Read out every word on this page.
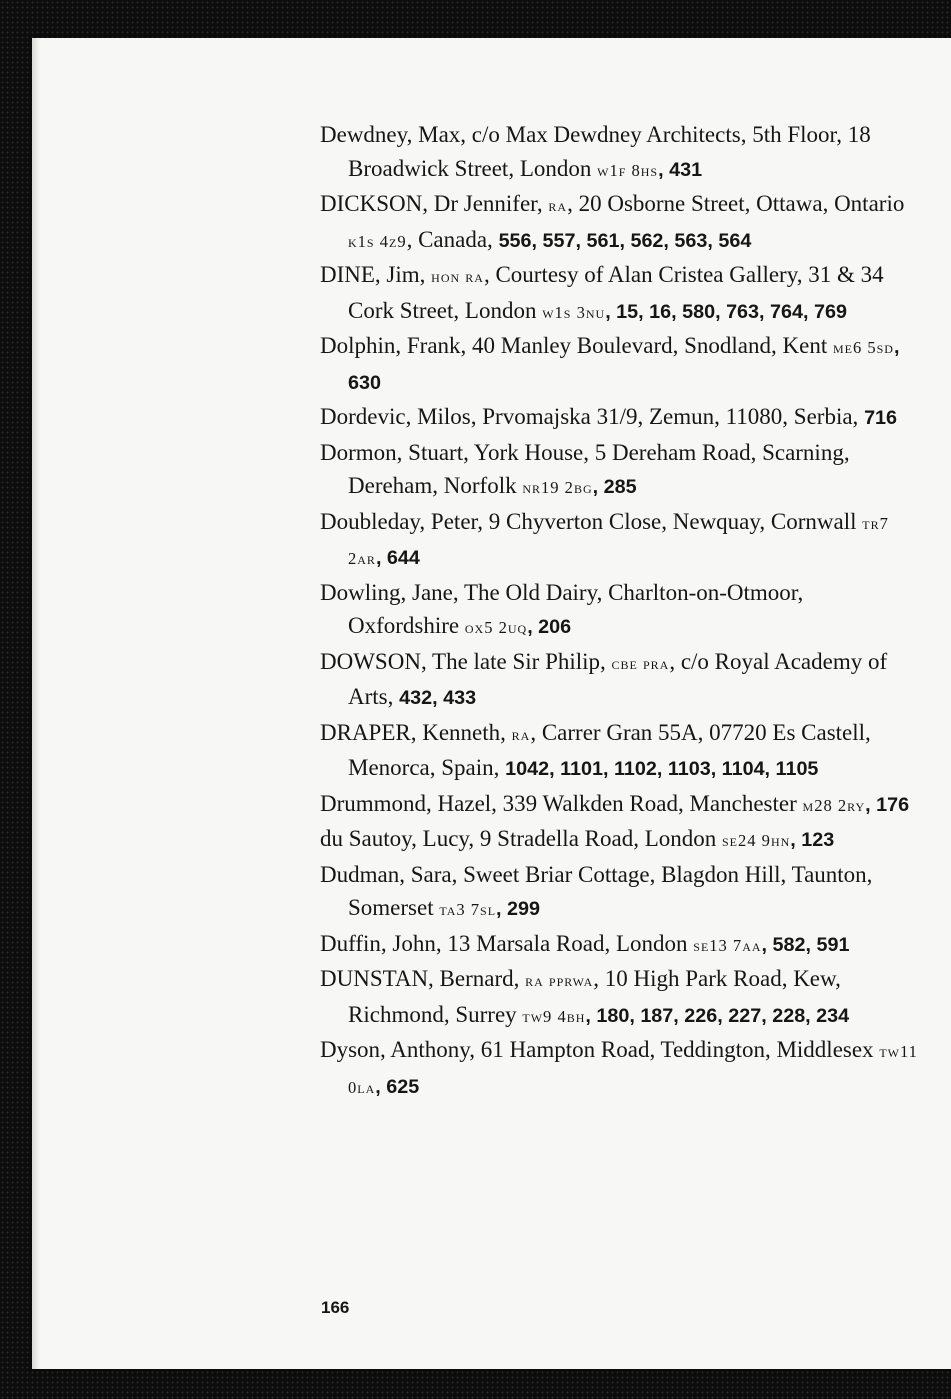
Dewdney, Max, c/o Max Dewdney Architects, 5th Floor, 18 Broadwick Street, London w1f 8hs, 431

DICKSON, Dr Jennifer, ra, 20 Osborne Street, Ottawa, Ontario k1s 4z9, Canada, 556, 557, 561, 562, 563, 564

DINE, Jim, hon ra, Courtesy of Alan Cristea Gallery, 31 & 34 Cork Street, London w1s 3nu, 15, 16, 580, 763, 764, 769

Dolphin, Frank, 40 Manley Boulevard, Snodland, Kent me6 5sd, 630

Dordevic, Milos, Prvomajska 31/9, Zemun, 11080, Serbia, 716

Dormon, Stuart, York House, 5 Dereham Road, Scarning, Dereham, Norfolk nr19 2bg, 285

Doubleday, Peter, 9 Chyverton Close, Newquay, Cornwall tr7 2ar, 644

Dowling, Jane, The Old Dairy, Charlton-on-Otmoor, Oxfordshire ox5 2uq, 206

DOWSON, The late Sir Philip, cbe pra, c/o Royal Academy of Arts, 432, 433

DRAPER, Kenneth, ra, Carrer Gran 55A, 07720 Es Castell, Menorca, Spain, 1042, 1101, 1102, 1103, 1104, 1105

Drummond, Hazel, 339 Walkden Road, Manchester m28 2ry, 176

du Sautoy, Lucy, 9 Stradella Road, London se24 9hn, 123

Dudman, Sara, Sweet Briar Cottage, Blagdon Hill, Taunton, Somerset ta3 7sl, 299

Duffin, John, 13 Marsala Road, London se13 7aa, 582, 591

DUNSTAN, Bernard, ra pprwa, 10 High Park Road, Kew, Richmond, Surrey tw9 4bh, 180, 187, 226, 227, 228, 234

Dyson, Anthony, 61 Hampton Road, Teddington, Middlesex tw11 0la, 625

166
